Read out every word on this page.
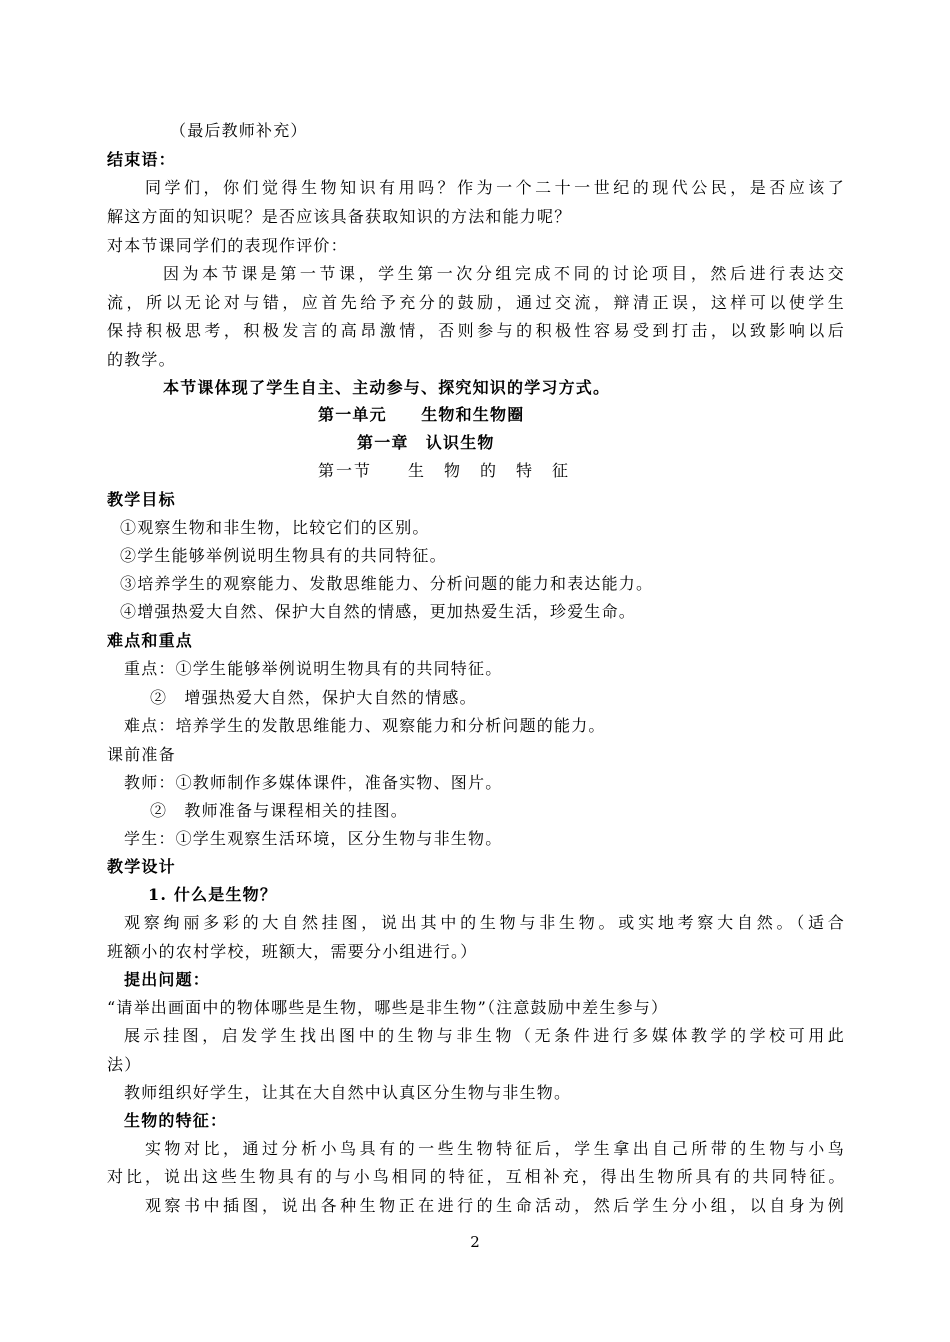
（最后教师补充）
结束语：
同学们，你们觉得生物知识有用吗？作为一个二十一世纪的现代公民，是否应该了
解这方面的知识呢？是否应该具备获取知识的方法和能力呢？
对本节课同学们的表现作评价：
因为本节课是第一节课，学生第一次分组完成不同的讨论项目，然后进行表达交
流，所以无论对与错，应首先给予充分的鼓励，通过交流，辩清正误，这样可以使学生
保持积极思考，积极发言的高昂激情，否则参与的积极性容易受到打击，以致影响以后
的教学。
本节课体现了学生自主、主动参与、探究知识的学习方式。
第一单元　　生物和生物圈
第一章　认识生物
第一节　　生　物　的　特　征
教学目标
①观察生物和非生物，比较它们的区别。
②学生能够举例说明生物具有的共同特征。
③培养学生的观察能力、发散思维能力、分析问题的能力和表达能力。
④增强热爱大自然、保护大自然的情感，更加热爱生活，珍爱生命。
难点和重点
重点：①学生能够举例说明生物具有的共同特征。
②　增强热爱大自然，保护大自然的情感。
难点：培养学生的发散思维能力、观察能力和分析问题的能力。
课前准备
教师：①教师制作多媒体课件，准备实物、图片。
②　教师准备与课程相关的挂图。
学生：①学生观察生活环境，区分生物与非生物。
教学设计
1. 什么是生物？
观察绚丽多彩的大自然挂图，说出其中的生物与非生物。或实地考察大自然。（适合
班额小的农村学校，班额大，需要分小组进行。）
提出问题：
“请举出画面中的物体哪些是生物，哪些是非生物”（注意鼓励中差生参与）
展示挂图，启发学生找出图中的生物与非生物（无条件进行多媒体教学的学校可用此
法）
教师组织好学生，让其在大自然中认真区分生物与非生物。
生物的特征：
实物对比，通过分析小鸟具有的一些生物特征后，学生拿出自己所带的生物与小鸟
对比，说出这些生物具有的与小鸟相同的特征，互相补充，得出生物所具有的共同特征。
观察书中插图，说出各种生物正在进行的生命活动，然后学生分小组，以自身为例
2
